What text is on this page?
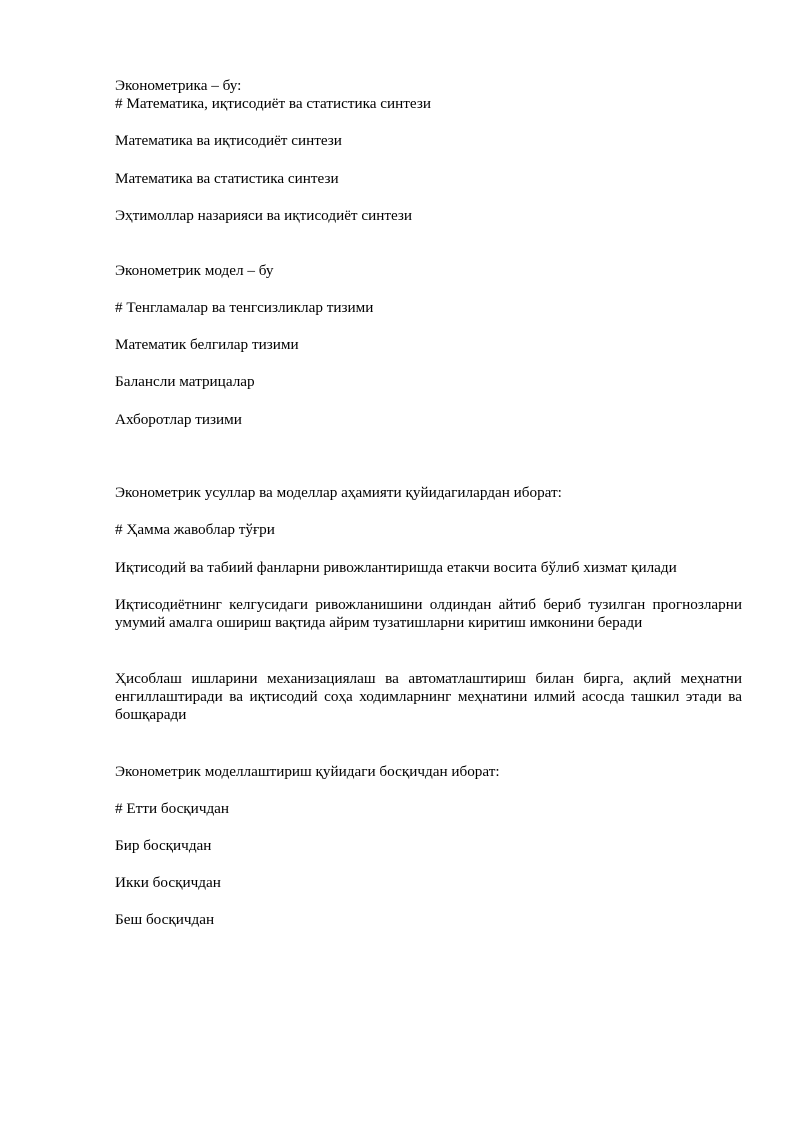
Эконометрика – бу:
# Математика, иқтисодиёт ва статистика синтези
Математика ва иқтисодиёт синтези
Математика ва статистика синтези
Эҳтимоллар назарияси ва иқтисодиёт синтези
Эконометрик модел – бу
# Тенгламалар ва тенгсизликлар тизими
Математик белгилар тизими
Балансли матрицалар
Ахборотлар тизими
Эконометрик усуллар ва моделлар аҳамияти қуйидагилардан иборат:
# Ҳамма жавоблар тўғри
Иқтисодий ва табиий фанларни ривожлантиришда етакчи восита бўлиб хизмат қилади
Иқтисодиётнинг келгусидаги ривожланишини олдиндан айтиб бериб тузилган прогнозларни умумий амалга ошириш вақтида айрим тузатишларни киритиш имконини беради
Ҳисоблаш ишларини механизациялаш ва автоматлаштириш билан бирга, ақлий меҳнатни енгиллаштиради ва иқтисодий соҳа ходимларнинг меҳнатини илмий асосда ташкил этади ва бошқаради
Эконометрик моделлаштириш қуйидаги босқичдан иборат:
# Етти босқичдан
Бир босқичдан
Икки босқичдан
Беш босқичдан
